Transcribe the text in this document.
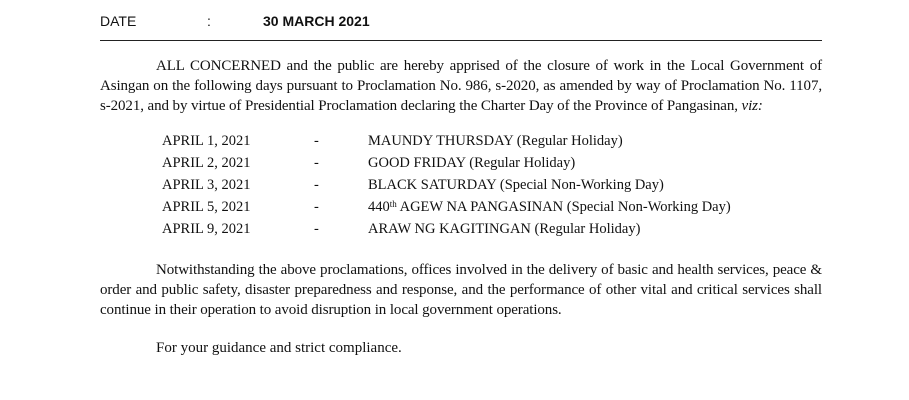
DATE	:	30 MARCH 2021

ALL CONCERNED and the public are hereby apprised of the closure of work in the Local Government of Asingan on the following days pursuant to Proclamation No. 986, s-2020, as amended by way of Proclamation No. 1107, s-2021, and by virtue of Presidential Proclamation declaring the Charter Day of the Province of Pangasinan, viz:

APRIL 1, 2021	-	MAUNDY THURSDAY (Regular Holiday)
APRIL 2, 2021	-	GOOD FRIDAY (Regular Holiday)
APRIL 3, 2021	-	BLACK SATURDAY (Special Non-Working Day)
APRIL 5, 2021	-	440th AGEW NA PANGASINAN (Special Non-Working Day)
APRIL 9, 2021	-	ARAW NG KAGITINGAN (Regular Holiday)

Notwithstanding the above proclamations, offices involved in the delivery of basic and health services, peace & order and public safety, disaster preparedness and response, and the performance of other vital and critical services shall continue in their operation to avoid disruption in local government operations.

For your guidance and strict compliance.
